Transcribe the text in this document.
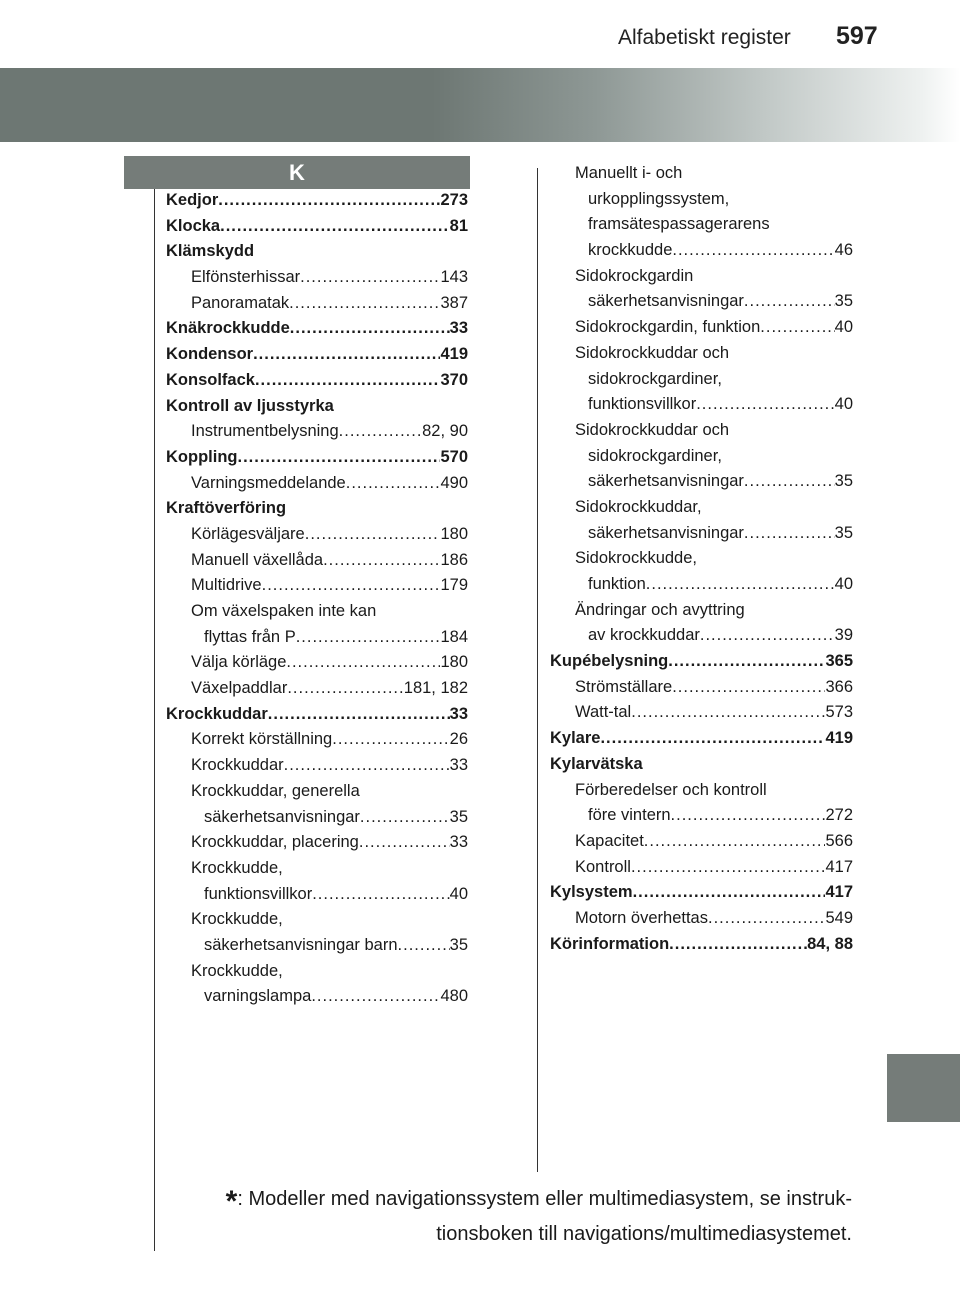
Alfabetiskt register 597
K
Kedjor .....	273
Klocka .....	81
Klämskydd
Elfönsterhissar .....	143
Panoramatak .....	387
Knäkrockkudde .....	33
Kondensor .....	419
Konsolfack .....	370
Kontroll av ljusstyrka
Instrumentbelysning .....	82, 90
Koppling .....	570
Varningsmeddelande .....	490
Kraftöverföring
Körlägesväljare .....	180
Manuell växellåda .....	186
Multidrive .....	179
Om växelspaken inte kan
flyttas från P .....	184
Välja körläge .....	180
Växelpaddlar .....	181, 182
Krockkuddar .....	33
Korrekt körställning .....	26
Krockkuddar .....	33
Krockkuddar, generella
säkerhetsanvisningar .....	35
Krockkuddar, placering .....	33
Krockkudde,
funktionsvillkor .....	40
Krockkudde,
säkerhetsanvisningar barn .....	35
Krockkudde,
varningslampa .....	480
Manuellt i- och
urkopplingssystem,
framsätespassagerarens
krockkudde .....	46
Sidokrockgardin
säkerhetsanvisningar .....	35
Sidokrockgardin, funktion .....	40
Sidokrockkuddar och
sidokrockgardiner,
funktionsvillkor .....	40
Sidokrockkuddar och
sidokrockgardiner,
säkerhetsanvisningar .....	35
Sidokrockkuddar,
säkerhetsanvisningar .....	35
Sidokrockkudde,
funktion .....	40
Ändringar och avyttring
av krockkuddar .....	39
Kupébelysning .....	365
Strömställare .....	366
Watt-tal .....	573
Kylare .....	419
Kylarvätska
Förberedelser och kontroll
före vintern .....	272
Kapacitet .....	566
Kontroll .....	417
Kylsystem .....	417
Motorn överhettas .....	549
Körinformation .....	84, 88
*: Modeller med navigationssystem eller multimediasystem, se instruk-
tionsboken till navigations/multimediasystemet.
